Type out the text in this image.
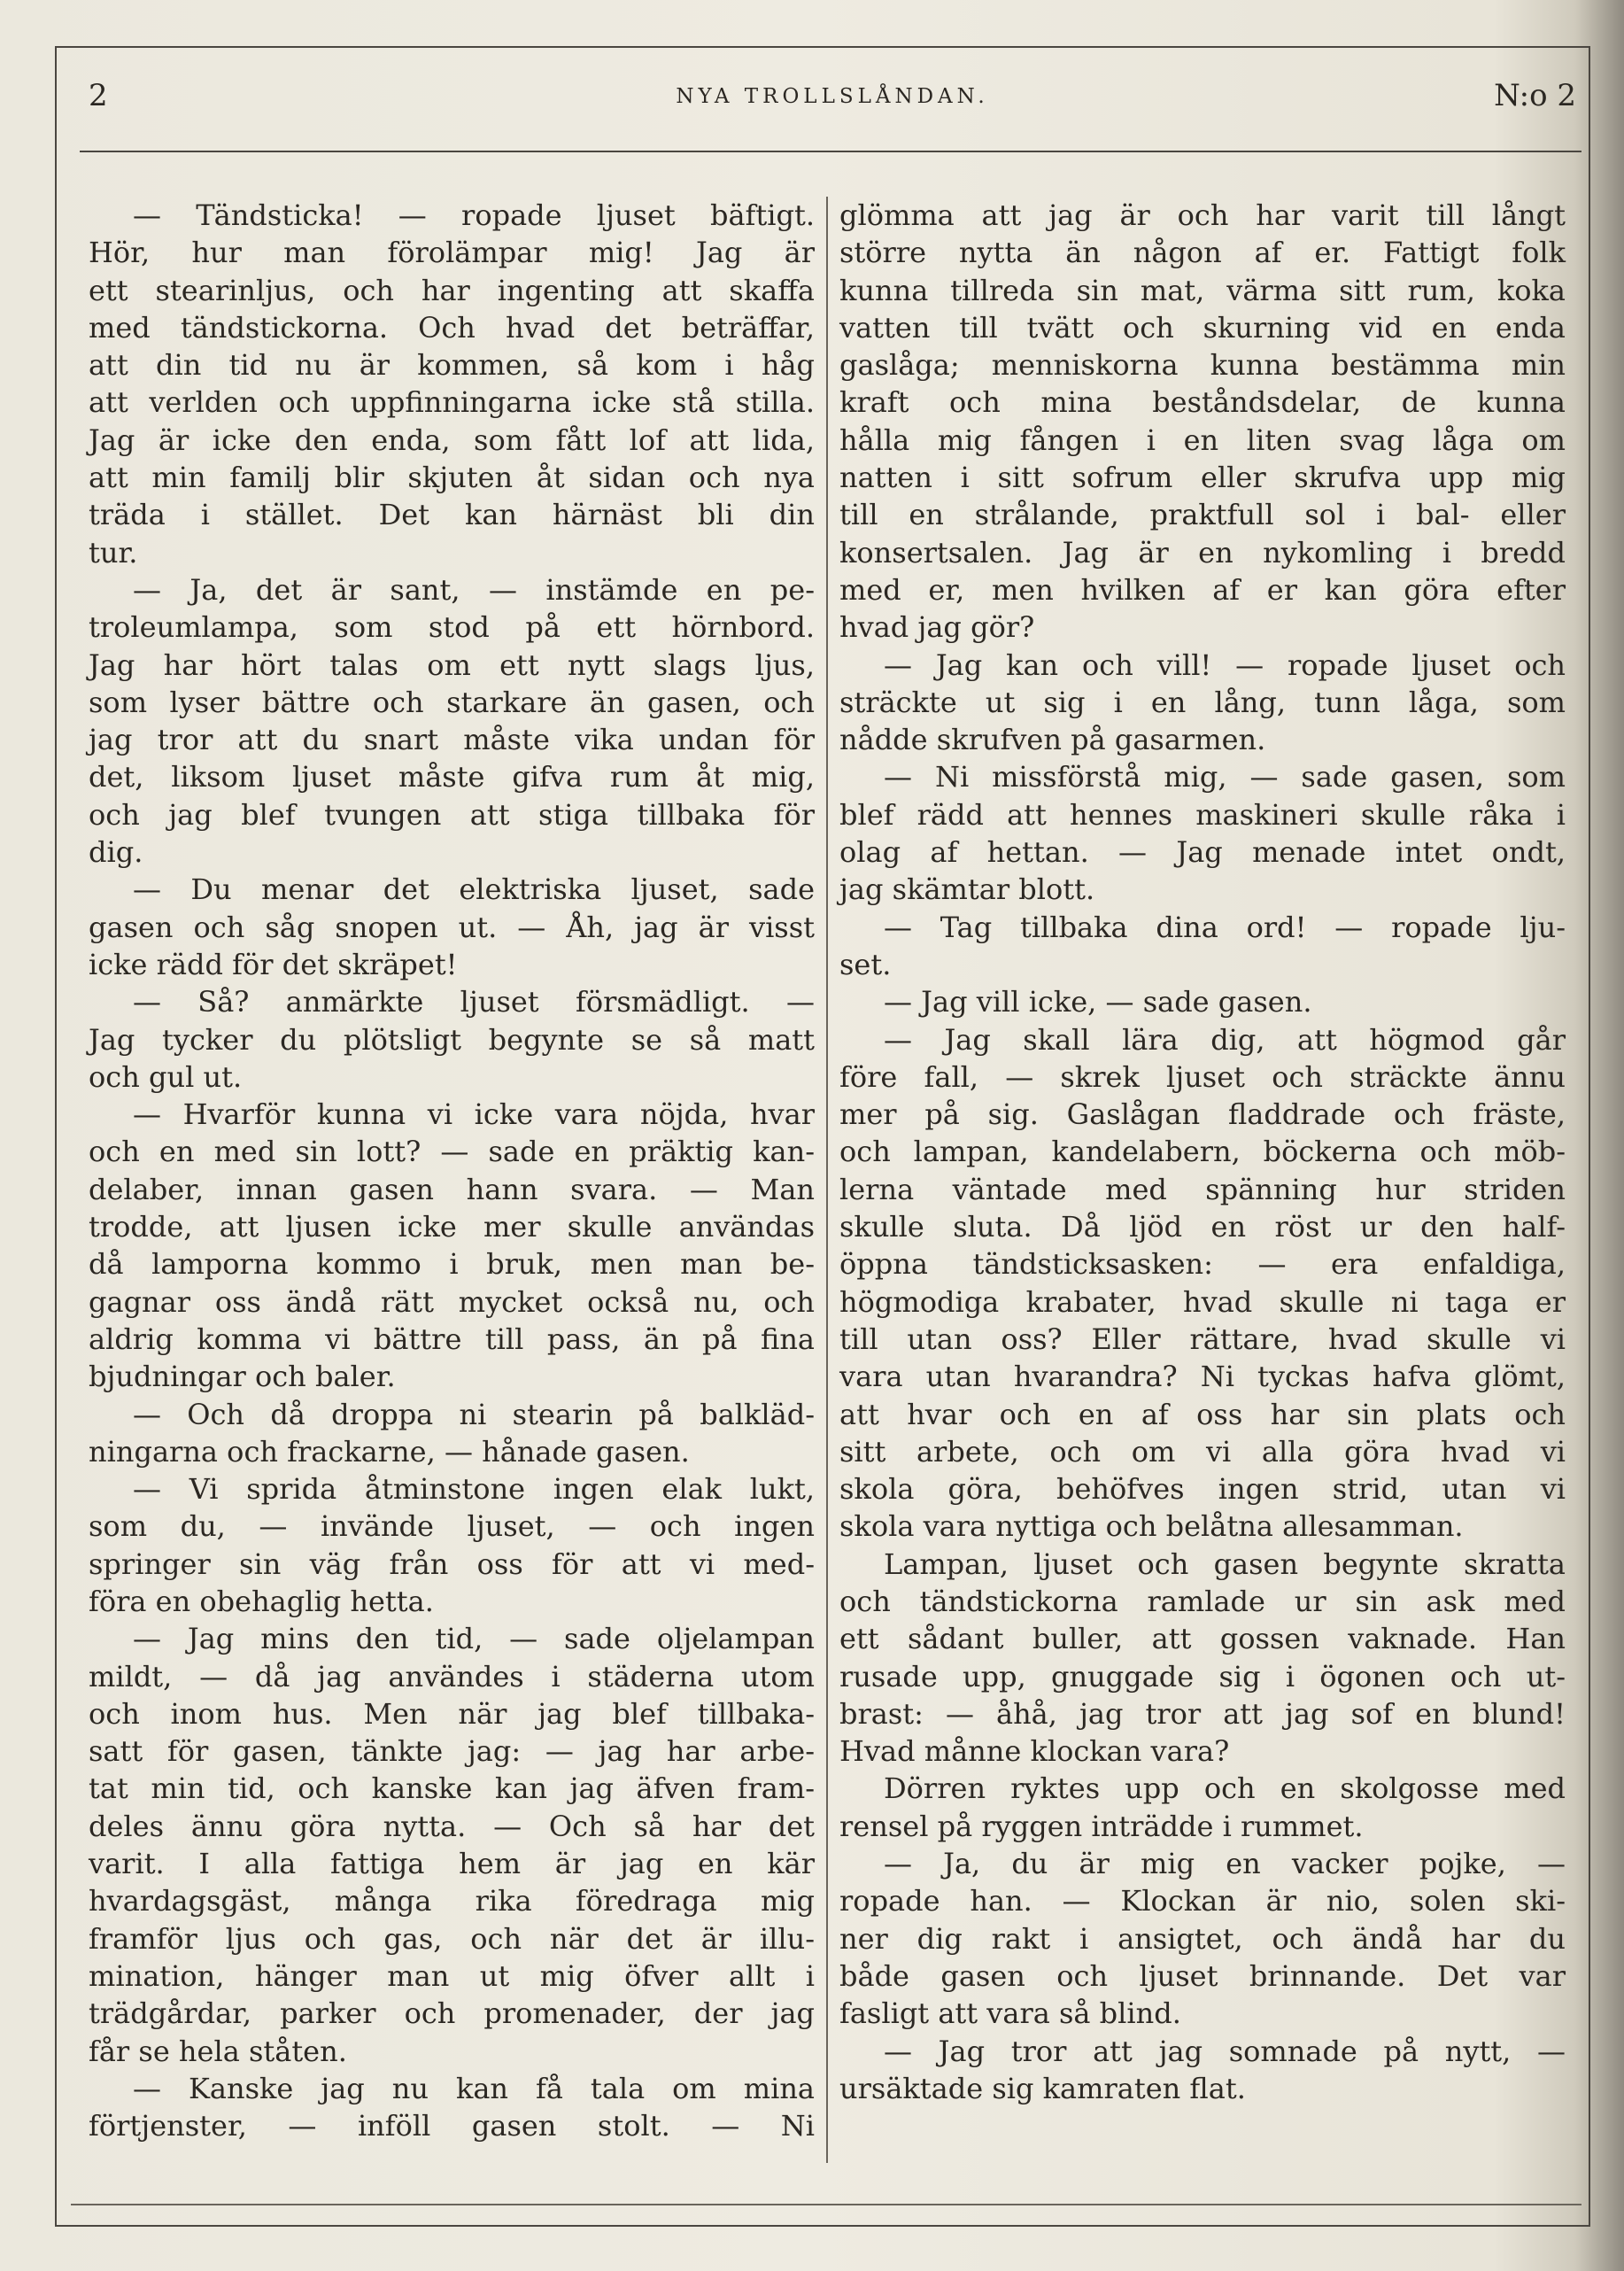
2	NYA TROLLSLÅNDAN.	N:o 2
— Tändsticka! — ropade ljuset bäftigt.
Hör, hur man förolämpar mig! Jag är
ett stearinljus, och har ingenting att skaffa
med tändstickorna. Och hvad det beträffar,
att din tid nu är kommen, så kom i håg
att verlden och uppfinningarna icke stå stilla.
Jag är icke den enda, som fått lof att lida,
att min familj blir skjuten åt sidan och nya
träda i stället. Det kan härnäst bli din
tur.
— Ja, det är sant, — instämde en pe-
troleumlampa, som stod på ett hörnbord.
Jag har hört talas om ett nytt slags ljus,
som lyser bättre och starkare än gasen, och
jag tror att du snart måste vika undan för
det, liksom ljuset måste gifva rum åt mig,
och jag blef tvungen att stiga tillbaka för
dig.
— Du menar det elektriska ljuset, sade
gasen och såg snopen ut. — Åh, jag är visst
icke rädd för det skräpet!
— Så? anmärkte ljuset försmädligt. —
Jag tycker du plötsligt begynte se så matt
och gul ut.
— Hvarför kunna vi icke vara nöjda, hvar
och en med sin lott? — sade en präktig kan-
delaber, innan gasen hann svara. — Man
trodde, att ljusen icke mer skulle användas
då lamporna kommo i bruk, men man be-
gagnar oss ändå rätt mycket också nu, och
aldrig komma vi bättre till pass, än på fina
bjudningar och baler.
— Och då droppa ni stearin på balkläd-
ningarna och frackarne, — hånade gasen.
— Vi sprida åtminstone ingen elak lukt,
som du, — invände ljuset, — och ingen
springer sin väg från oss för att vi med-
föra en obehaglig hetta.
— Jag mins den tid, — sade oljelampan
mildt, — då jag användes i städerna utom
och inom hus. Men när jag blef tillbaka-
satt för gasen, tänkte jag: — jag har arbe-
tat min tid, och kanske kan jag äfven fram-
deles ännu göra nytta. — Och så har det
varit. I alla fattiga hem är jag en kär
hvardagsgäst, många rika föredraga mig
framför ljus och gas, och när det är illu-
mination, hänger man ut mig öfver allt i
trädgårdar, parker och promenader, der jag
får se hela ståten.
— Kanske jag nu kan få tala om mina
förtjenster, — inföll gasen stolt. — Ni
glömma att jag är och har varit till långt
större nytta än någon af er. Fattigt folk
kunna tillreda sin mat, värma sitt rum, koka
vatten till tvätt och skurning vid en enda
gaslåga; menniskorna kunna bestämma min
kraft och mina beståndsdelar, de kunna
hålla mig fången i en liten svag låga om
natten i sitt sofrum eller skrufva upp mig
till en strålande, praktfull sol i bal- eller
konsertsalen. Jag är en nykomling i bredd
med er, men hvilken af er kan göra efter
hvad jag gör?
— Jag kan och vill! — ropade ljuset och
sträckte ut sig i en lång, tunn låga, som
nådde skrufven på gasarmen.
— Ni missförstå mig, — sade gasen, som
blef rädd att hennes maskineri skulle råka i
olag af hettan. — Jag menade intet ondt,
jag skämtar blott.
— Tag tillbaka dina ord! — ropade lju-
set.
— Jag vill icke, — sade gasen.
— Jag skall lära dig, att högmod går
före fall, — skrek ljuset och sträckte ännu
mer på sig. Gaslågan fladdrade och fräste,
och lampan, kandelabern, böckerna och möb-
lerna väntade med spänning hur striden
skulle sluta. Då ljöd en röst ur den half-
öppna tändsticksasken: — era enfaldiga,
högmodiga krabater, hvad skulle ni taga er
till utan oss? Eller rättare, hvad skulle vi
vara utan hvarandra? Ni tyckas hafva glömt,
att hvar och en af oss har sin plats och
sitt arbete, och om vi alla göra hvad vi
skola göra, behöfves ingen strid, utan vi
skola vara nyttiga och belåtna allesamman.
Lampan, ljuset och gasen begynte skratta
och tändstickorna ramlade ur sin ask med
ett sådant buller, att gossen vaknade. Han
rusade upp, gnuggade sig i ögonen och ut-
brast: — åhå, jag tror att jag sof en blund!
Hvad månne klockan vara?
Dörren ryktes upp och en skolgosse med
rensel på ryggen inträdde i rummet.
— Ja, du är mig en vacker pojke, —
ropade han. — Klockan är nio, solen ski-
ner dig rakt i ansigtet, och ändå har du
både gasen och ljuset brinnande. Det var
fasligt att vara så blind.
— Jag tror att jag somnade på nytt, —
ursäktade sig kamraten flat.
